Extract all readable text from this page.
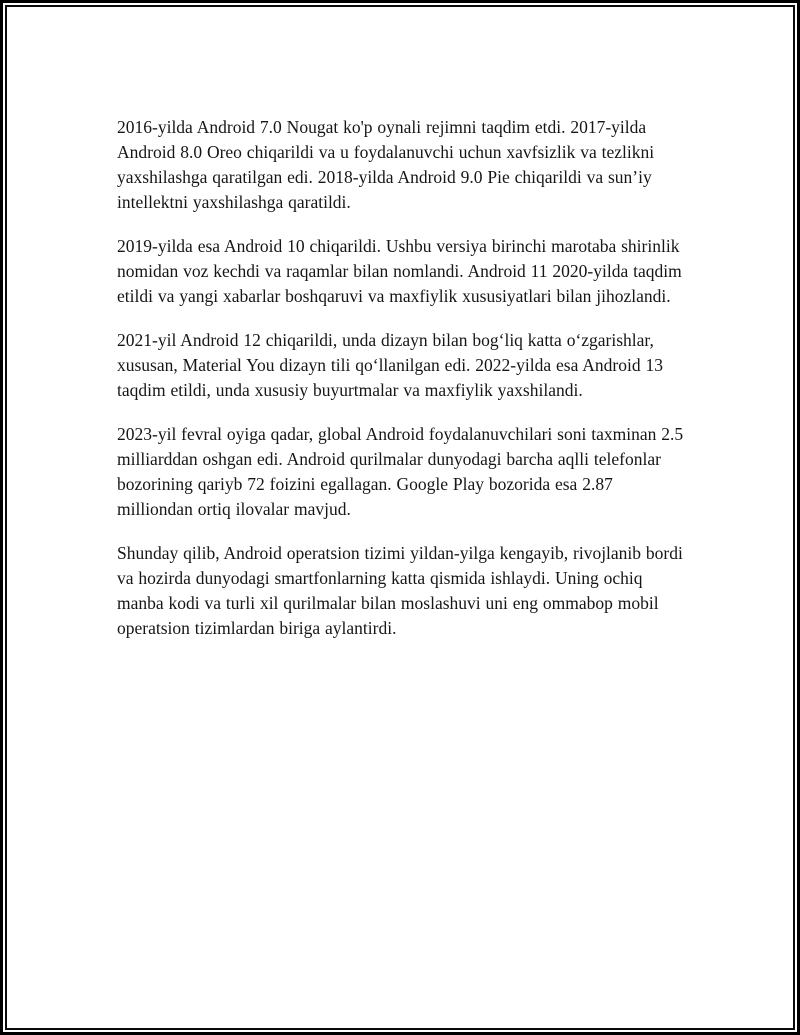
2016-yilda Android 7.0 Nougat ko'p oynali rejimni taqdim etdi. 2017-yilda Android 8.0 Oreo chiqarildi va u foydalanuvchi uchun xavfsizlik va tezlikni yaxshilashga qaratilgan edi. 2018-yilda Android 9.0 Pie chiqarildi va sun’iy intellektni yaxshilashga qaratildi.

2019-yilda esa Android 10 chiqarildi. Ushbu versiya birinchi marotaba shirinlik nomidan voz kechdi va raqamlar bilan nomlandi. Android 11 2020-yilda taqdim etildi va yangi xabarlar boshqaruvi va maxfiylik xususiyatlari bilan jihozlandi.

2021-yil Android 12 chiqarildi, unda dizayn bilan bogʻliq katta oʻzgarishlar, xususan, Material You dizayn tili qoʻllanilgan edi. 2022-yilda esa Android 13 taqdim etildi, unda xususiy buyurtmalar va maxfiylik yaxshilandi.

2023-yil fevral oyiga qadar, global Android foydalanuvchilari soni taxminan 2.5 milliarddan oshgan edi. Android qurilmalar dunyodagi barcha aqlli telefonlar bozorining qariyb 72 foizini egallagan. Google Play bozorida esa 2.87 milliondan ortiq ilovalar mavjud.

Shunday qilib, Android operatsion tizimi yildan-yilga kengayib, rivojlanib bordi va hozirda dunyodagi smartfonlarning katta qismida ishlaydi. Uning ochiq manba kodi va turli xil qurilmalar bilan moslashuvi uni eng ommabop mobil operatsion tizimlardan biriga aylantirdi.
